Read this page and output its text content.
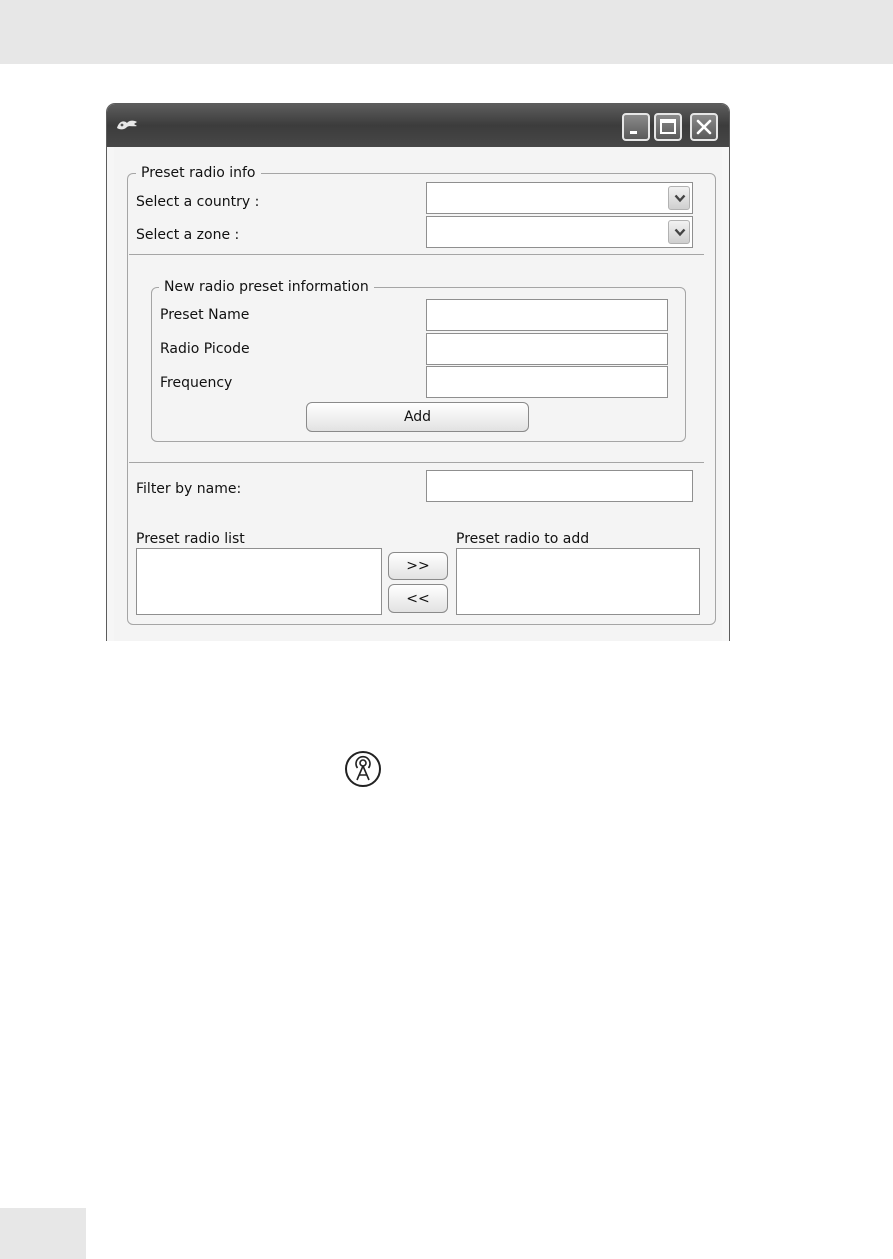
Preset radio info
Select a country :
Select a zone :
New radio preset information
Preset Name
Radio Picode
Frequency
Add
Filter by name:
Preset radio list
>>
<<
Preset radio to add
